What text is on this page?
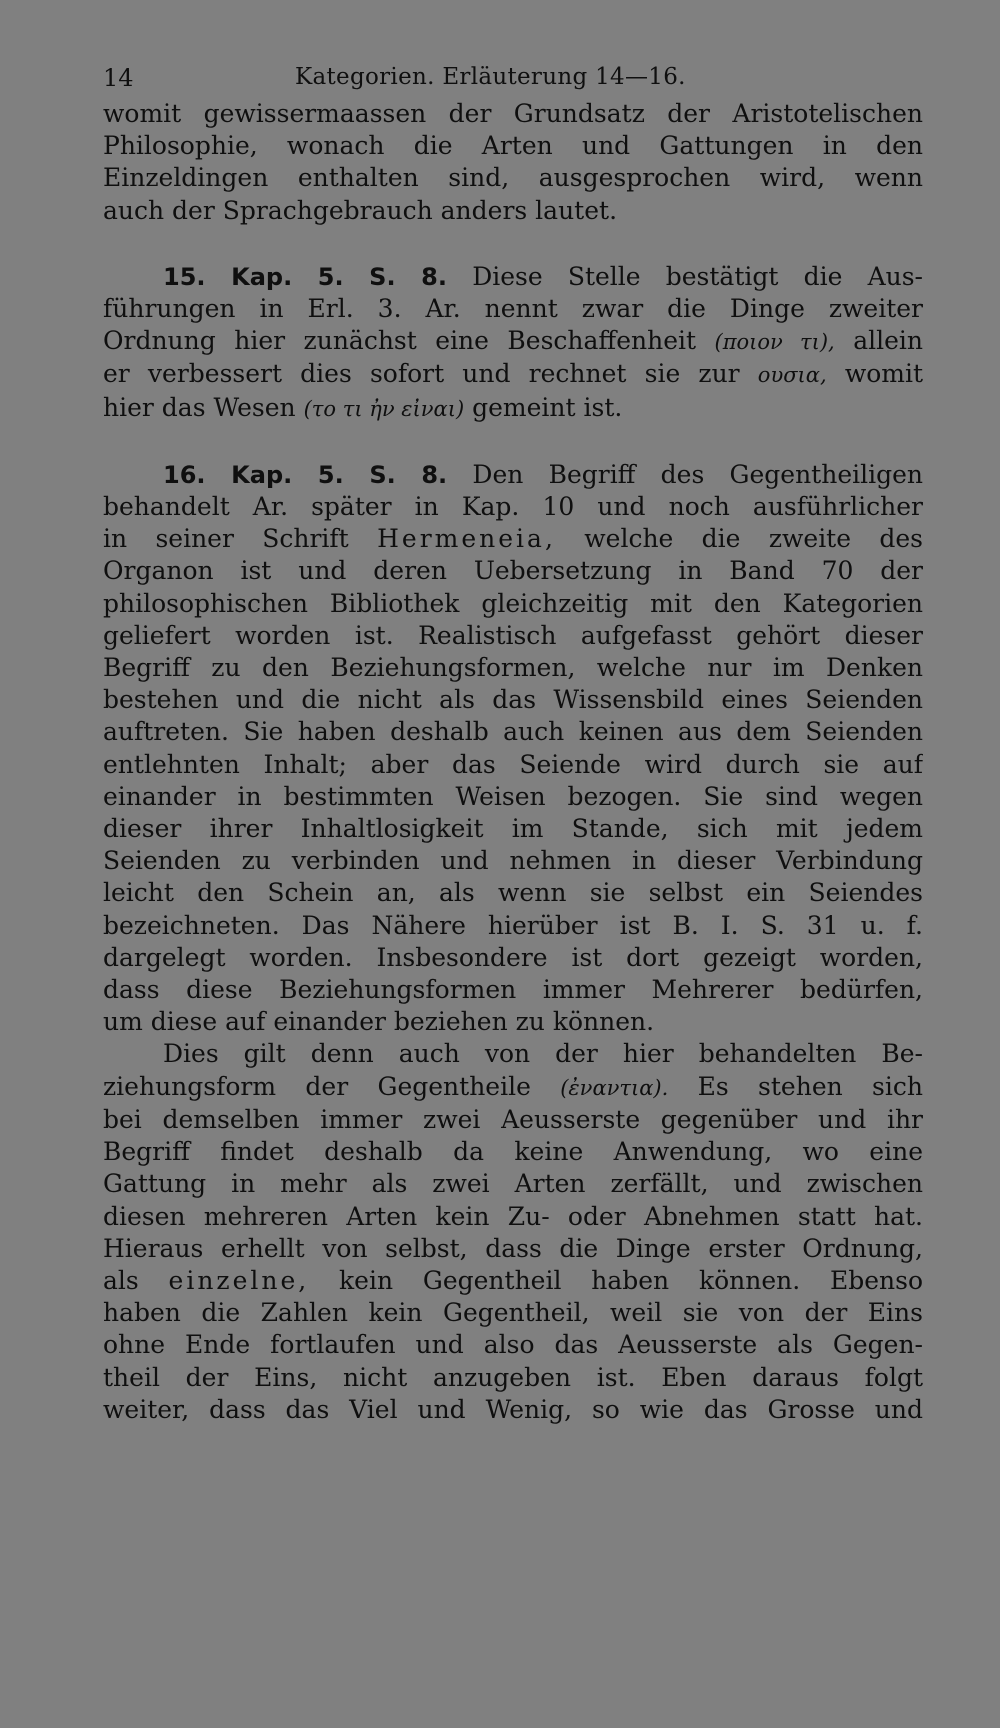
14	Kategorien. Erläuterung 14—16.
womit gewissermaassen der Grundsatz der Aristotelischen
Philosophie, wonach die Arten und Gattungen in den
Einzeldingen enthalten sind, ausgesprochen wird, wenn
auch der Sprachgebrauch anders lautet.
15. Kap. 5. S. 8. Diese Stelle bestätigt die Aus-
führungen in Erl. 3. Ar. nennt zwar die Dinge zweiter
Ordnung hier zunächst eine Beschaffenheit (ποιον τι), allein
er verbessert dies sofort und rechnet sie zur ουσια, womit
hier das Wesen (το τι ἠν εἰναι) gemeint ist.
16. Kap. 5. S. 8. Den Begriff des Gegentheiligen
behandelt Ar. später in Kap. 10 und noch ausführlicher
in seiner Schrift Hermeneia, welche die zweite des
Organon ist und deren Uebersetzung in Band 70 der
philosophischen Bibliothek gleichzeitig mit den Kategorien
geliefert worden ist. Realistisch aufgefasst gehört dieser
Begriff zu den Beziehungsformen, welche nur im Denken
bestehen und die nicht als das Wissensbild eines Seienden
auftreten. Sie haben deshalb auch keinen aus dem Seienden
entlehnten Inhalt; aber das Seiende wird durch sie auf
einander in bestimmten Weisen bezogen. Sie sind wegen
dieser ihrer Inhaltlosigkeit im Stande, sich mit jedem
Seienden zu verbinden und nehmen in dieser Verbindung
leicht den Schein an, als wenn sie selbst ein Seiendes
bezeichneten. Das Nähere hierüber ist B. I. S. 31 u. f.
dargelegt worden. Insbesondere ist dort gezeigt worden,
dass diese Beziehungsformen immer Mehrerer bedürfen,
um diese auf einander beziehen zu können.
Dies gilt denn auch von der hier behandelten Be-
ziehungsform der Gegentheile (ἐναντια). Es stehen sich
bei demselben immer zwei Aeusserste gegenüber und ihr
Begriff findet deshalb da keine Anwendung, wo eine
Gattung in mehr als zwei Arten zerfällt, und zwischen
diesen mehreren Arten kein Zu- oder Abnehmen statt hat.
Hieraus erhellt von selbst, dass die Dinge erster Ordnung,
als einzelne, kein Gegentheil haben können. Ebenso
haben die Zahlen kein Gegentheil, weil sie von der Eins
ohne Ende fortlaufen und also das Aeusserste als Gegen-
theil der Eins, nicht anzugeben ist. Eben daraus folgt
weiter, dass das Viel und Wenig, so wie das Grosse und
